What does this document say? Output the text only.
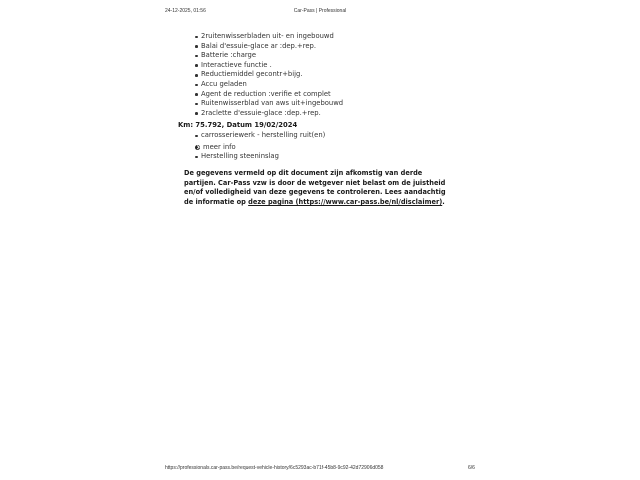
24-12-2025, 01:56	Car-Pass | Professional
2ruitenwisserbladen uit- en ingebouwd
Balai d'essuie-glace ar :dep.+rep.
Batterie :charge
Interactieve functie .
Reductiemiddel gecontr+bijg.
Accu geladen
Agent de reduction :verifie et complet
Ruitenwisserblad van aws uit+ingebouwd
2raclette d'essuie-glace :dep.+rep.
Km: 75.792, Datum 19/02/2024
carrosseriewerk - herstelling ruit(en)
meer info
Herstelling steeninslag
De gegevens vermeld op dit document zijn afkomstig van derde partijen. Car-Pass vzw is door de wetgever niet belast om de juistheid en/of volledigheid van deze gegevens te controleren. Lees aandachtig de informatie op deze pagina (https://www.car-pass.be/nl/disclaimer).
https://professionals.car-pass.be/request-vehicle-history/6c5293ac-b71f-45b8-9c92-42d72906d058	6/6
